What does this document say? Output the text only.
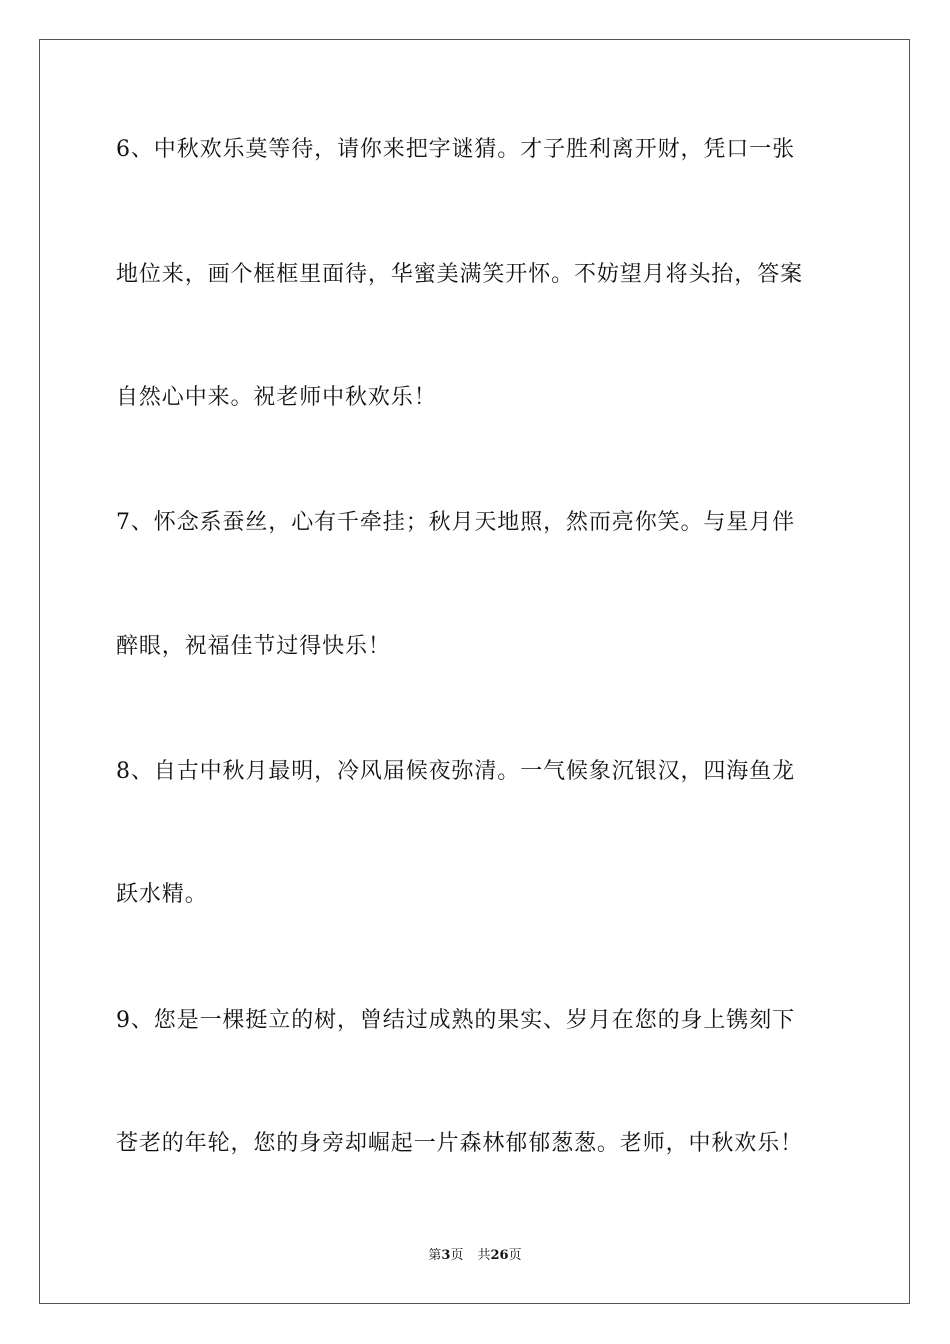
6、中秋欢乐莫等待，请你来把字谜猜。才子胜利离开财，凭口一张
地位来，画个框框里面待，华蜜美满笑开怀。不妨望月将头抬，答案
自然心中来。祝老师中秋欢乐！
7、怀念系蚕丝，心有千牵挂；秋月天地照，然而亮你笑。与星月伴
醉眼，祝福佳节过得快乐！
8、自古中秋月最明，冷风届候夜弥清。一气候象沉银汉，四海鱼龙
跃水精。
9、您是一棵挺立的树，曾结过成熟的果实、岁月在您的身上镌刻下
苍老的年轮，您的身旁却崛起一片森林郁郁葱葱。老师，中秋欢乐！
第3页 共26页
